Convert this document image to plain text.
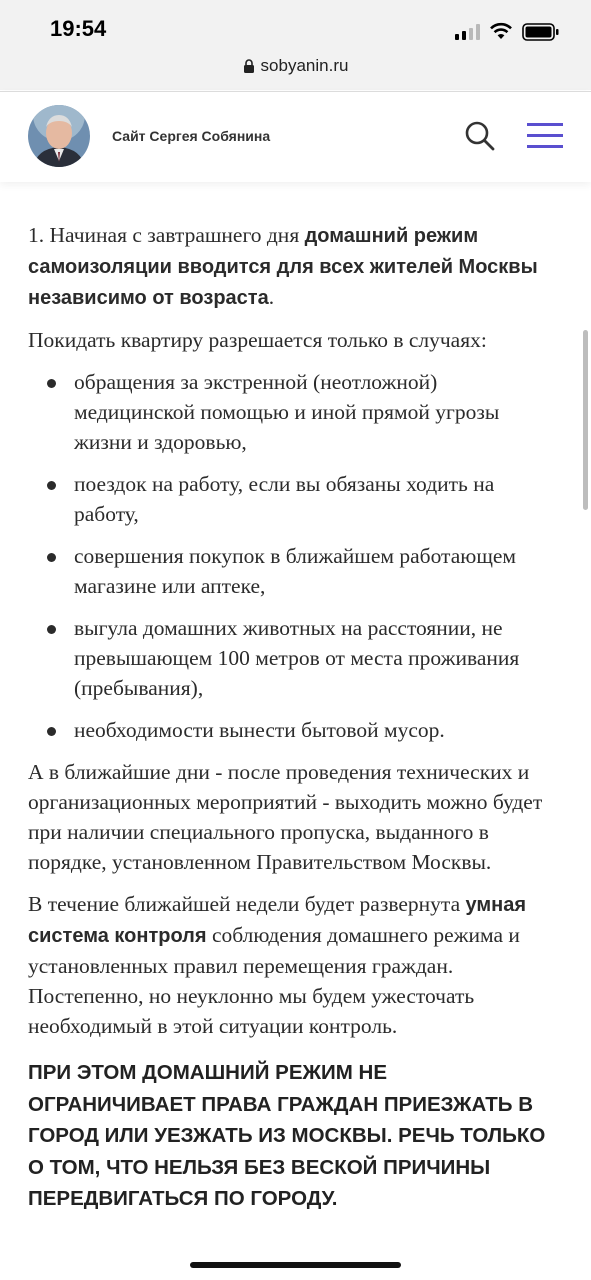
19:54
sobyanin.ru
Сайт Сергея Собянина

1. Начиная с завтрашнего дня домашний режим самоизоляции вводится для всех жителей Москвы независимо от возраста.

Покидать квартиру разрешается только в случаях:

обращения за экстренной (неотложной) медицинской помощью и иной прямой угрозы жизни и здоровью,
поездок на работу, если вы обязаны ходить на работу,
совершения покупок в ближайшем работающем магазине или аптеке,
выгула домашних животных на расстоянии, не превышающем 100 метров от места проживания (пребывания),
необходимости вынести бытовой мусор.

А в ближайшие дни - после проведения технических и организационных мероприятий - выходить можно будет при наличии специального пропуска, выданного в порядке, установленном Правительством Москвы.

В течение ближайшей недели будет развернута умная система контроля соблюдения домашнего режима и установленных правил перемещения граждан. Постепенно, но неуклонно мы будем ужесточать необходимый в этой ситуации контроль.

ПРИ ЭТОМ ДОМАШНИЙ РЕЖИМ НЕ ОГРАНИЧИВАЕТ ПРАВА ГРАЖДАН ПРИЕЗЖАТЬ В ГОРОД ИЛИ УЕЗЖАТЬ ИЗ МОСКВЫ. РЕЧЬ ТОЛЬКО О ТОМ, ЧТО НЕЛЬЗЯ БЕЗ ВЕСКОЙ ПРИЧИНЫ ПЕРЕДВИГАТЬСЯ ПО ГОРОДУ.
